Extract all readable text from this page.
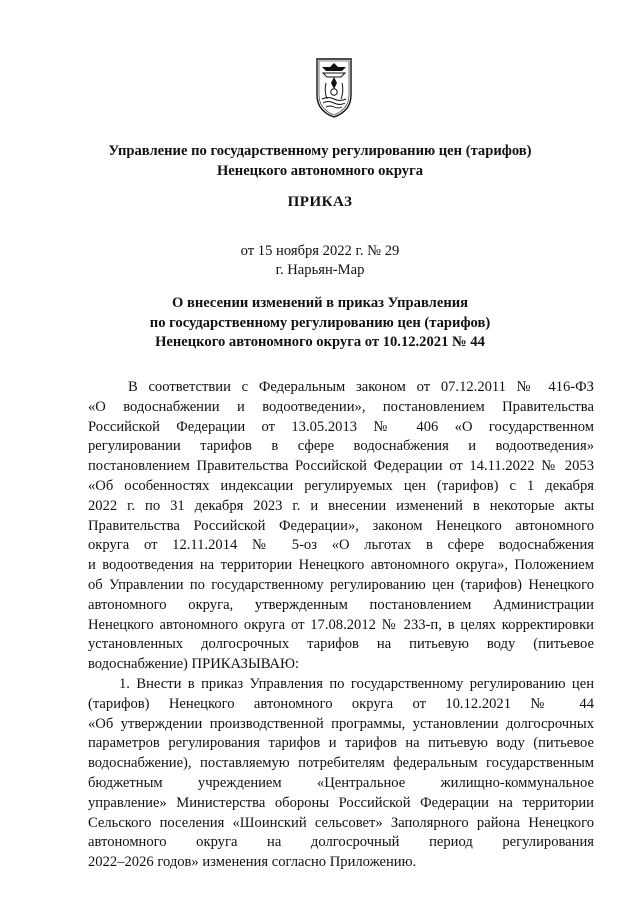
Управление по государственному регулированию цен (тарифов)
Ненецкого автономного округа
ПРИКАЗ
от 15 ноября 2022 г. № 29
г. Нарьян-Мар
О внесении изменений в приказ Управления
по государственному регулированию цен (тарифов)
Ненецкого автономного округа от 10.12.2021 № 44
В соответствии с Федеральным законом от 07.12.2011 № 416-ФЗ
«О водоснабжении и водоотведении», постановлением Правительства
Российской Федерации от 13.05.2013 № 406 «О государственном
регулировании тарифов в сфере водоснабжения и водоотведения»
постановлением Правительства Российской Федерации от 14.11.2022 № 2053
«Об особенностях индексации регулируемых цен (тарифов) с 1 декабря
2022 г. по 31 декабря 2023 г. и внесении изменений в некоторые акты
Правительства Российской Федерации», законом Ненецкого автономного
округа от 12.11.2014 № 5-оз «О льготах в сфере водоснабжения
и водоотведения на территории Ненецкого автономного округа», Положением
об Управлении по государственному регулированию цен (тарифов) Ненецкого
автономного округа, утвержденным постановлением Администрации
Ненецкого автономного округа от 17.08.2012 № 233-п, в целях корректировки
установленных долгосрочных тарифов на питьевую воду (питьевое
водоснабжение) ПРИКАЗЫВАЮ:
1. Внести в приказ Управления по государственному регулированию цен
(тарифов) Ненецкого автономного округа от 10.12.2021 № 44
«Об утверждении производственной программы, установлении долгосрочных
параметров регулирования тарифов и тарифов на питьевую воду (питьевое
водоснабжение), поставляемую потребителям федеральным государственным
бюджетным учреждением «Центральное жилищно-коммунальное
управление» Министерства обороны Российской Федерации на территории
Сельского поселения «Шоинский сельсовет» Заполярного района Ненецкого
автономного округа на долгосрочный период регулирования
2022–2026 годов» изменения согласно Приложению.
